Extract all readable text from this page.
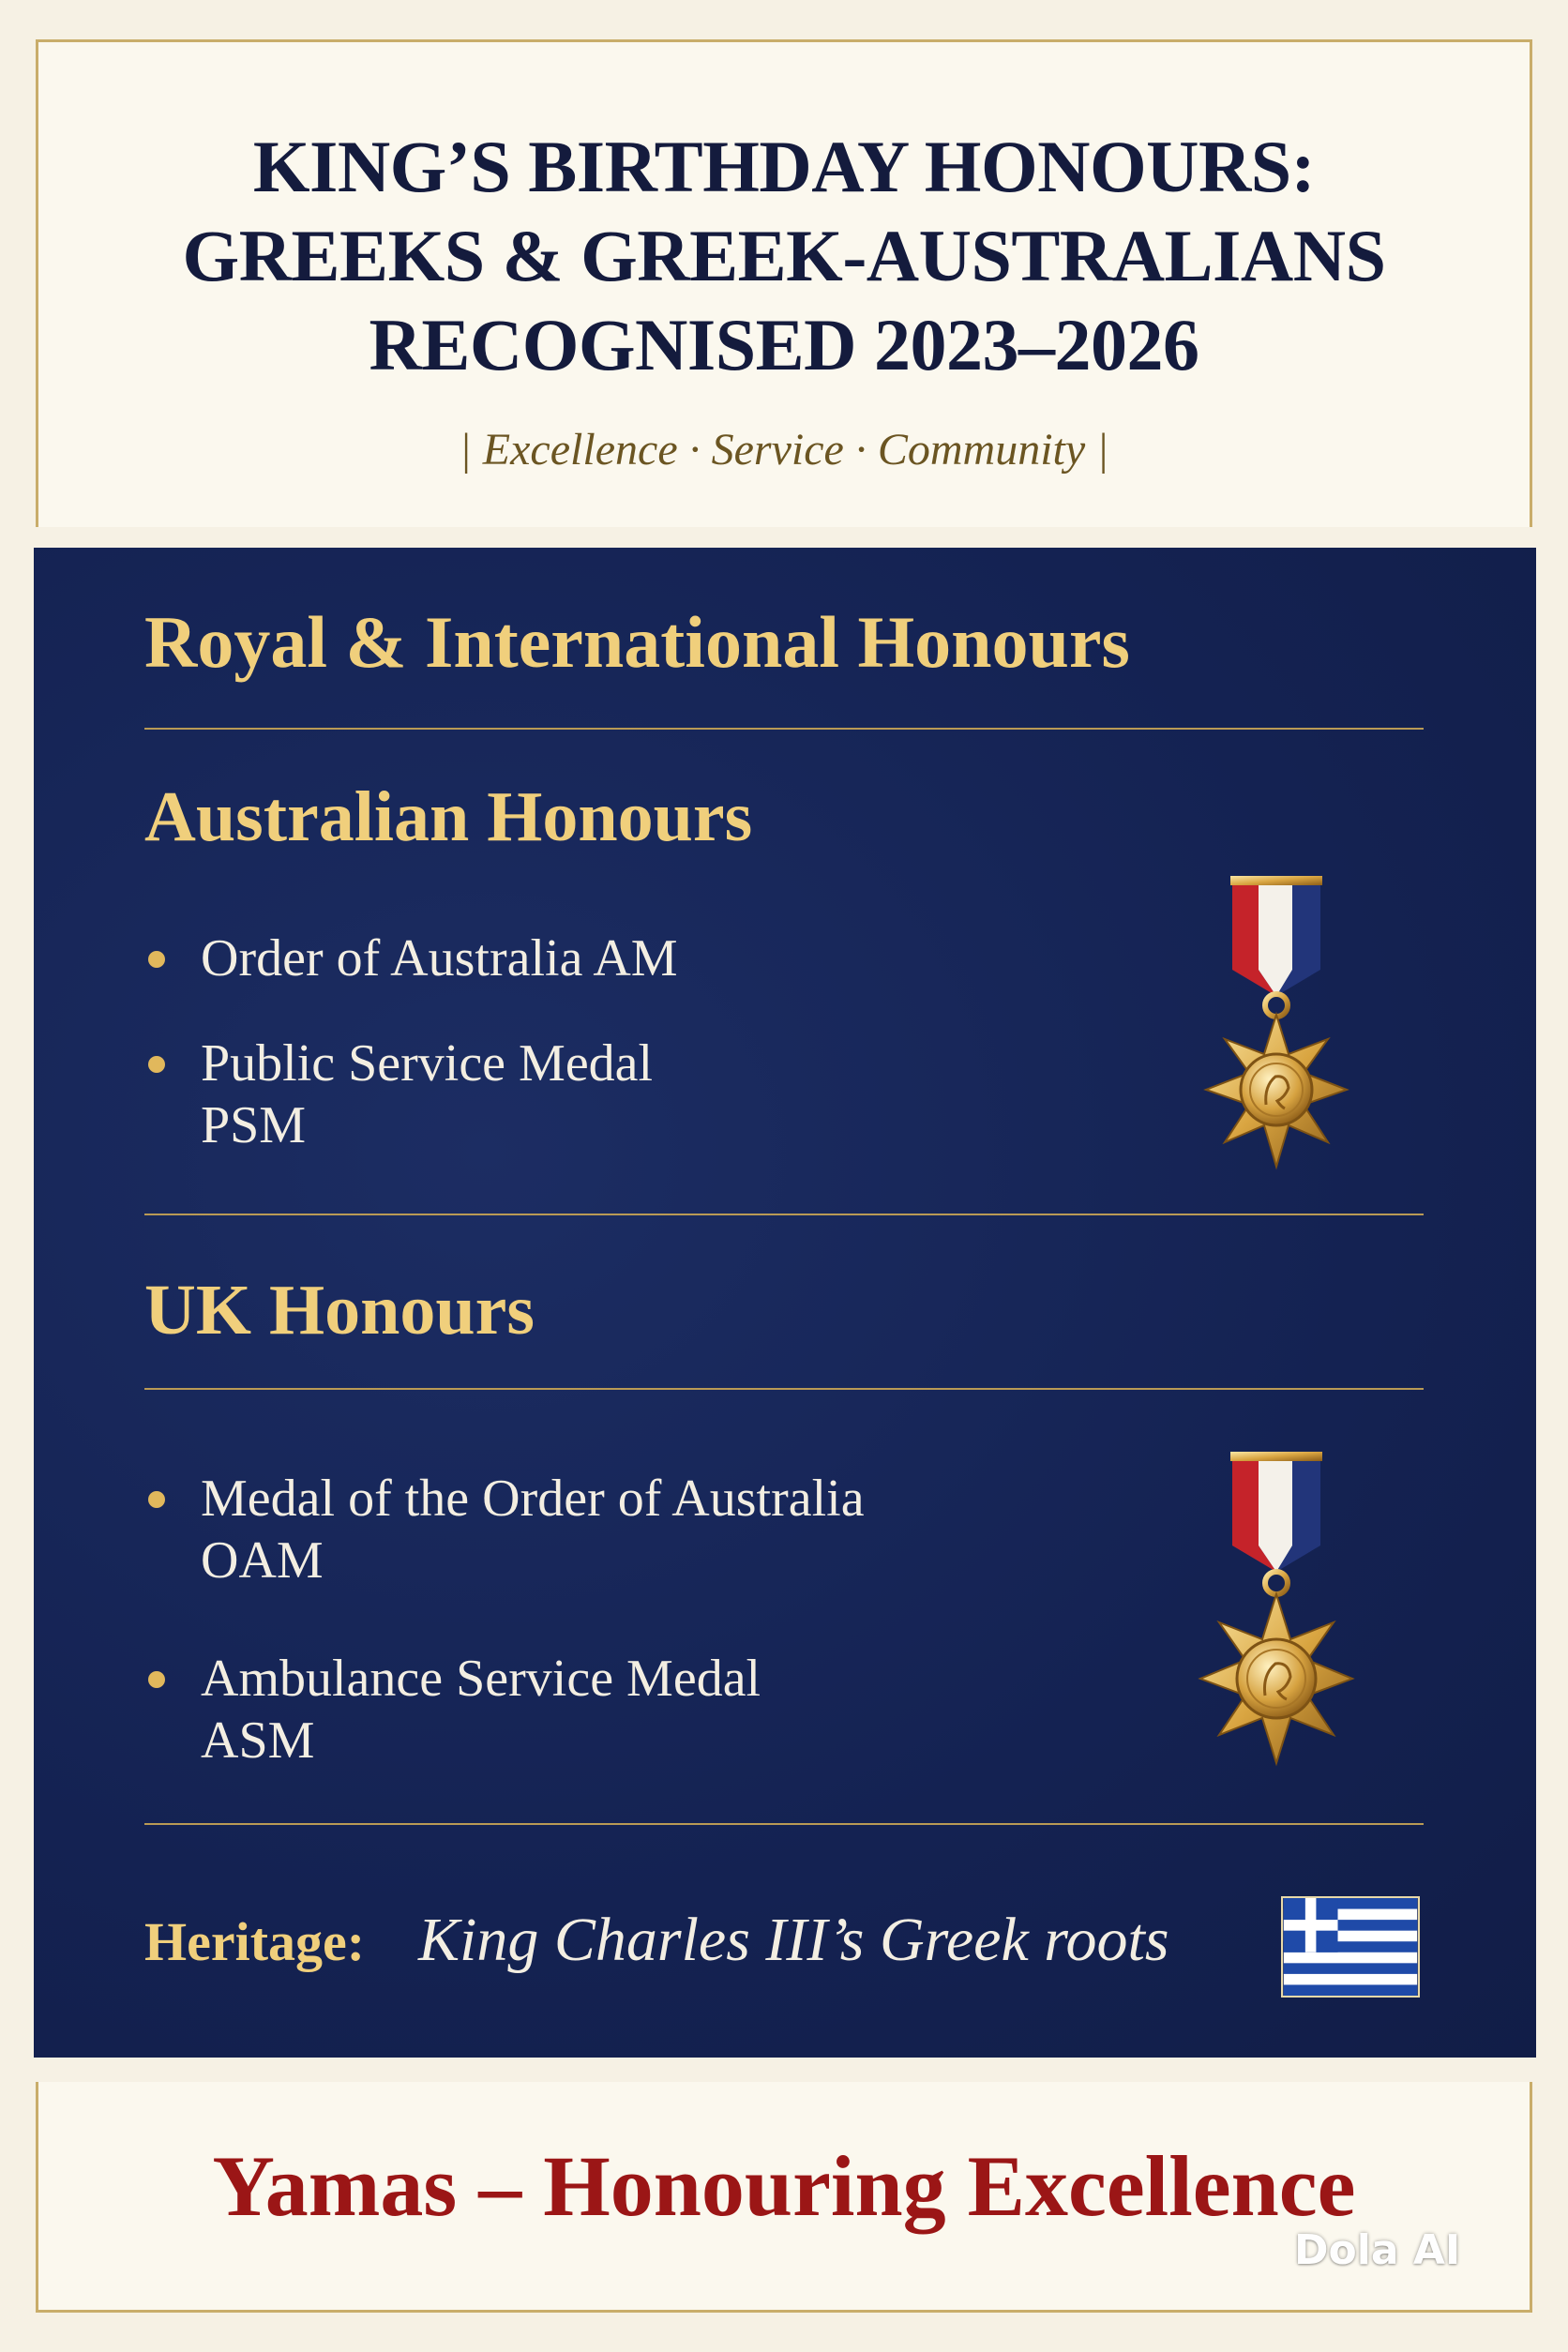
KING’S BIRTHDAY HONOURS:
GREEKS & GREEK-AUSTRALIANS
RECOGNISED 2023–2026
| Excellence · Service · Community |
Royal & International Honours
Australian Honours
Order of Australia AM
Public Service Medal
PSM
UK Honours
Medal of the Order of Australia
OAM
Ambulance Service Medal
ASM
Heritage: King Charles III’s Greek roots
Yamas – Honouring Excellence
Dola AI
